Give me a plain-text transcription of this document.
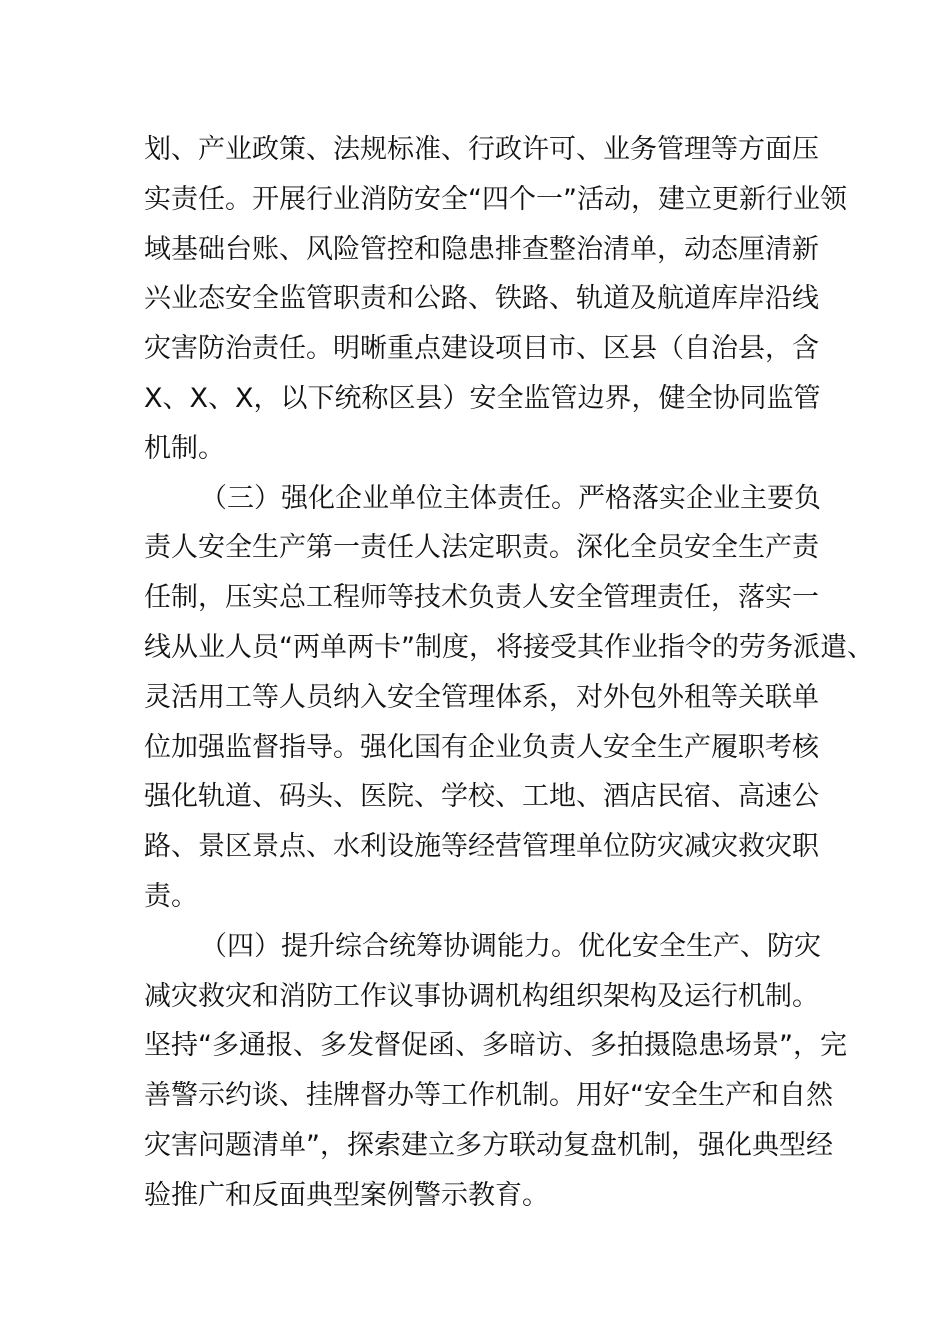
划、产业政策、法规标准、行政许可、业务管理等方面压
实责任。开展行业消防安全“四个一”活动，建立更新行业领
域基础台账、风险管控和隐患排查整治清单，动态厘清新
兴业态安全监管职责和公路、铁路、轨道及航道库岸沿线
灾害防治责任。明晰重点建设项目市、区县（自治县，含
X、X、X，以下统称区县）安全监管边界，健全协同监管
机制。
（三）强化企业单位主体责任。严格落实企业主要负
责人安全生产第一责任人法定职责。深化全员安全生产责
任制，压实总工程师等技术负责人安全管理责任，落实一
线从业人员“两单两卡”制度，将接受其作业指令的劳务派遣、
灵活用工等人员纳入安全管理体系，对外包外租等关联单
位加强监督指导。强化国有企业负责人安全生产履职考核
强化轨道、码头、医院、学校、工地、酒店民宿、高速公
路、景区景点、水利设施等经营管理单位防灾减灾救灾职
责。
（四）提升综合统筹协调能力。优化安全生产、防灾
减灾救灾和消防工作议事协调机构组织架构及运行机制。
坚持“多通报、多发督促函、多暗访、多拍摄隐患场景”，完
善警示约谈、挂牌督办等工作机制。用好“安全生产和自然
灾害问题清单”，探索建立多方联动复盘机制，强化典型经
验推广和反面典型案例警示教育。
